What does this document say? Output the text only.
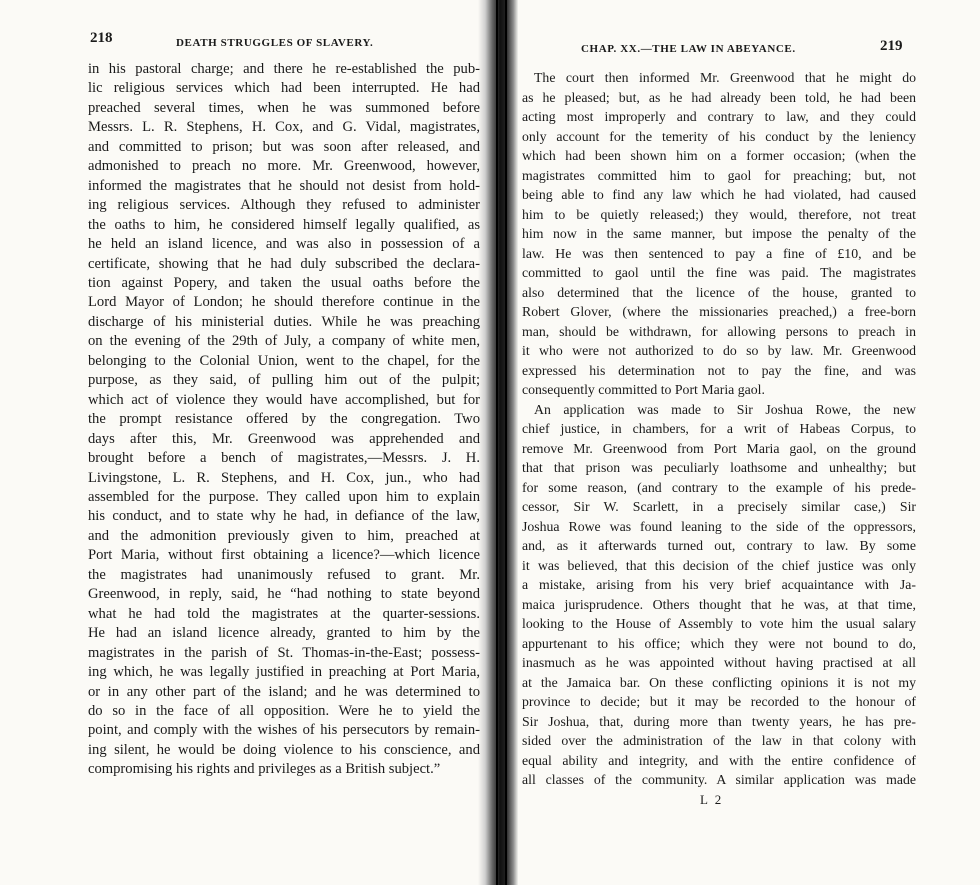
218	DEATH STRUGGLES OF SLAVERY.	CHAP. XX.—THE LAW IN ABEYANCE.	219
in his pastoral charge; and there he re-established the pub-
lic religious services which had been interrupted. He had
preached several times, when he was summoned before
Messrs. L. R. Stephens, H. Cox, and G. Vidal, magistrates,
and committed to prison; but was soon after released, and
admonished to preach no more. Mr. Greenwood, however,
informed the magistrates that he should not desist from hold-
ing religious services. Although they refused to administer
the oaths to him, he considered himself legally qualified, as
he held an island licence, and was also in possession of a
certificate, showing that he had duly subscribed the declara-
tion against Popery, and taken the usual oaths before the
Lord Mayor of London; he should therefore continue in the
discharge of his ministerial duties. While he was preaching
on the evening of the 29th of July, a company of white men,
belonging to the Colonial Union, went to the chapel, for the
purpose, as they said, of pulling him out of the pulpit;
which act of violence they would have accomplished, but for
the prompt resistance offered by the congregation. Two
days after this, Mr. Greenwood was apprehended and
brought before a bench of magistrates,—Messrs. J. H.
Livingstone, L. R. Stephens, and H. Cox, jun., who had
assembled for the purpose. They called upon him to explain
his conduct, and to state why he had, in defiance of the law,
and the admonition previously given to him, preached at
Port Maria, without first obtaining a licence?—which licence
the magistrates had unanimously refused to grant. Mr.
Greenwood, in reply, said, he “had nothing to state beyond
what he had told the magistrates at the quarter-sessions.
He had an island licence already, granted to him by the
magistrates in the parish of St. Thomas-in-the-East; possess-
ing which, he was legally justified in preaching at Port Maria,
or in any other part of the island; and he was determined to
do so in the face of all opposition. Were he to yield the
point, and comply with the wishes of his persecutors by remain-
ing silent, he would be doing violence to his conscience, and
compromising his rights and privileges as a British subject.”
The court then informed Mr. Greenwood that he might do
as he pleased; but, as he had already been told, he had been
acting most improperly and contrary to law, and they could
only account for the temerity of his conduct by the leniency
which had been shown him on a former occasion; (when the
magistrates committed him to gaol for preaching; but, not
being able to find any law which he had violated, had caused
him to be quietly released;) they would, therefore, not treat
him now in the same manner, but impose the penalty of the
law. He was then sentenced to pay a fine of £10, and be
committed to gaol until the fine was paid. The magistrates
also determined that the licence of the house, granted to
Robert Glover, (where the missionaries preached,) a free-born
man, should be withdrawn, for allowing persons to preach in
it who were not authorized to do so by law. Mr. Greenwood
expressed his determination not to pay the fine, and was
consequently committed to Port Maria gaol.
An application was made to Sir Joshua Rowe, the new
chief justice, in chambers, for a writ of Habeas Corpus, to
remove Mr. Greenwood from Port Maria gaol, on the ground
that that prison was peculiarly loathsome and unhealthy; but
for some reason, (and contrary to the example of his prede-
cessor, Sir W. Scarlett, in a precisely similar case,) Sir
Joshua Rowe was found leaning to the side of the oppressors,
and, as it afterwards turned out, contrary to law. By some
it was believed, that this decision of the chief justice was only
a mistake, arising from his very brief acquaintance with Ja-
maica jurisprudence. Others thought that he was, at that time,
looking to the House of Assembly to vote him the usual salary
appurtenant to his office; which they were not bound to do,
inasmuch as he was appointed without having practised at all
at the Jamaica bar. On these conflicting opinions it is not my
province to decide; but it may be recorded to the honour of
Sir Joshua, that, during more than twenty years, he has pre-
sided over the administration of the law in that colony with
equal ability and integrity, and with the entire confidence of
all classes of the community. A similar application was made
L 2
